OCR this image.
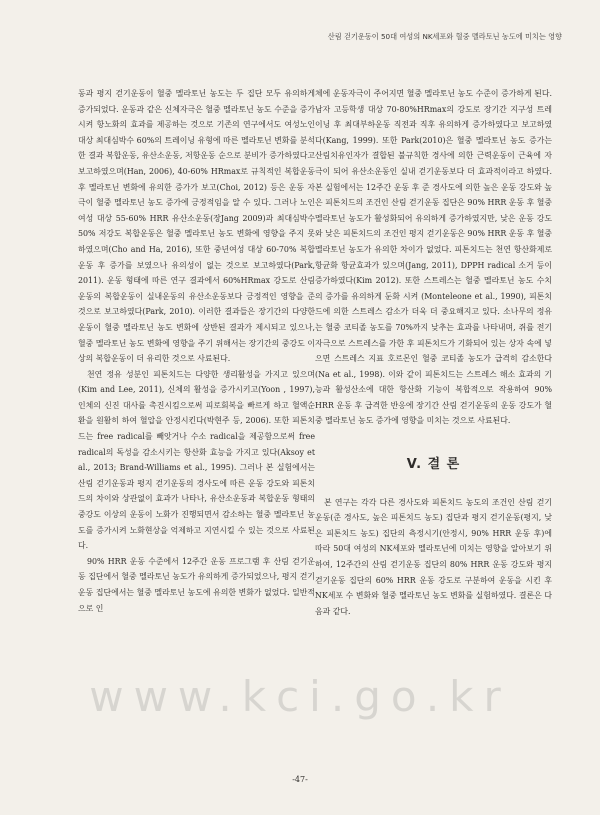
산림 걷기운동이 50대 여성의 NK세포와 혈중 멜라토닌 농도에 미치는 영향

동과 평지 걷기운동이 혈중 멜라토닌 농도는 두 집단 모두 유의하게 증가되었다. 운동과 같은 신체자극은 혈중 멜라토닌 농도 수준을 증가시켜 항노화의 효과를 제공하는 것으로 기존의 연구에서도 여성노인 대상 최대심박수 60%의 트레이닝 유형에 따른 멜라토닌 변화를 분석한 결과 복합운동, 유산소운동, 저항운동 순으로 분비가 증가하였다고 보고하였으며(Han, 2006), 40-60% HRmax로 규칙적인 복합운동 후 멜라토닌 변화에 유의한 증가가 보고(Choi, 2012) 등은 운동 자극이 혈중 멜라토닌 농도 증가에 긍정적임을 알 수 있다. 그러나 노인여성 대상 55-60% HRR 유산소운동(장Jang 2009)과 최대심박수 50% 저강도 복합운동은 혈중 멜라토닌 농도 변화에 영향을 주지 못하였으며(Cho and Ha, 2016), 또한 중년여성 대상 60-70% 복합운동 후 증가를 보였으나 유의성이 없는 것으로 보고하였다(Park, 2011). 운동 형태에 따른 연구 결과에서 60%HRmax 강도로 산림운동의 복합운동이 실내운동의 유산소운동보다 긍정적인 영향을 준 것으로 보고하였다(Park, 2010). 이러한 결과들은 장기간의 다양한 운동이 혈중 멜라토닌 농도 변화에 상반된 결과가 제시되고 있으나, 혈중 멜라토닌 농도 변화에 영향을 주기 위해서는 장기간의 중강도 이상의 복합운동이 더 유리한 것으로 사료된다.

천연 정유 성분인 피톤치드는 다양한 생리활성을 가지고 있으며(Kim and Lee, 2011), 신체의 활성을 증가시키고(Yoon , 1997), 인체의 신진 대사를 촉진시킴으로써 피로회복을 빠르게 하고 혈액순환을 원활히 하여 혈압을 안정시킨다(박현주 등, 2006). 또한 피톤치드는 free radical를 빼앗거나 수소 radical을 제공함으로써 free radical의 독성을 감소시키는 항산화 효능을 가지고 있다(Aksoy et al., 2013; Brand-Williams et al., 1995). 그러나 본 실험에서는 산림 걷기운동과 평지 걷기운동의 경사도에 따른 운동 강도와 피톤치드의 차이와 상관없이 효과가 나타나, 유산소운동과 복합운동 형태의 중강도 이상의 운동이 노화가 진행되면서 감소하는 혈중 멜라토닌 농도를 증가시켜 노화현상을 억제하고 지연시킬 수 있는 것으로 사료된다.

90% HRR 운동 수준에서 12주간 운동 프로그램 후 산림 걷기운동 집단에서 혈중 멜라토닌 농도가 유의하게 증가되었으나, 평지 걷기운동 집단에서는 혈중 멜라토닌 농도에 유의한 변화가 없었다. 일반적으로 인

체에 운동자극이 주어지면 혈중 멜라토닌 농도 수준이 증가하게 된다. 남자 고등학생 대상 70-80%HRmax의 강도로 장기간 지구성 트레이닝 후 최대부하운동 직전과 직후 유의하게 증가하였다고 보고하였다(Kang, 1999). 또한 Park(2010)은 혈중 멜라토닌 농도 증가는 산림치유인자가 결합된 불규칙한 경사에 의한 근력운동이 근육에 자극이 되어 유산소운동인 실내 걷기운동보다 더 효과적이라고 하였다. 본 실험에서는 12주간 운동 후 준 경사도에 의한 높은 운동 강도와 높은 피톤치드의 조건인 산림 걷기운동 집단은 90% HRR 운동 후 혈중 멜라토닌 농도가 활성화되어 유의하게 증가하였지만, 낮은 운동 강도와 낮은 피톤치드의 조건인 평지 걷기운동은 90% HRR 운동 후 혈중 멜라토닌 농도가 유의한 차이가 없었다. 피톤치드는 천연 항산화제로 항균화 항균효과가 있으며(Jang, 2011), DPPH radical 소거 등이 증가하였다(Kim 2012). 또한 스트레스는 혈중 멜라토닌 농도 수치의 증가를 유의하게 둔화 시켜 (Monteleone et al., 1990), 피톤치드에 의한 스트레스 감소가 더욱 더 중요해지고 있다. 소나무의 정유는 혈중 코티졸 농도를 70%까지 낮추는 효과를 나타내며, 쥐를 전기 자극으로 스트레스를 가한 후 피톤치드가 기화되어 있는 상자 속에 넣으면 스트레스 지표 호르몬인 혈중 코티졸 농도가 급격히 감소한다(Na et al., 1998). 이와 같이 피톤치드는 스트레스 해소 효과의 기능과 활성산소에 대한 항산화 기능이 복합적으로 작용하여 90% HRR 운동 후 급격한 반응에 장기간 산림 걷기운동의 운동 강도가 혈중 멜라토닌 농도 증가에 영향을 미치는 것으로 사료된다.

V. 결 론

본 연구는 각각 다른 경사도와 피톤치드 농도의 조건인 산림 걷기운동(준 경사도, 높은 피톤치드 농도) 집단과 평지 걷기운동(평지, 낮은 피톤치드 농도) 집단의 측정시기(안정시, 90% HRR 운동 후)에 따라 50대 여성의 NK세포와 멜라토닌에 미치는 영향을 알아보기 위하여, 12주간의 산림 걷기운동 집단의 80% HRR 운동 강도와 평지 걷기운동 집단의 60% HRR 운동 강도로 구분하여 운동을 시킨 후 NK세포 수 변화와 혈중 멜라토닌 농도 변화를 실험하였다. 결론은 다음과 같다.

www.kci.go.kr
-47-
